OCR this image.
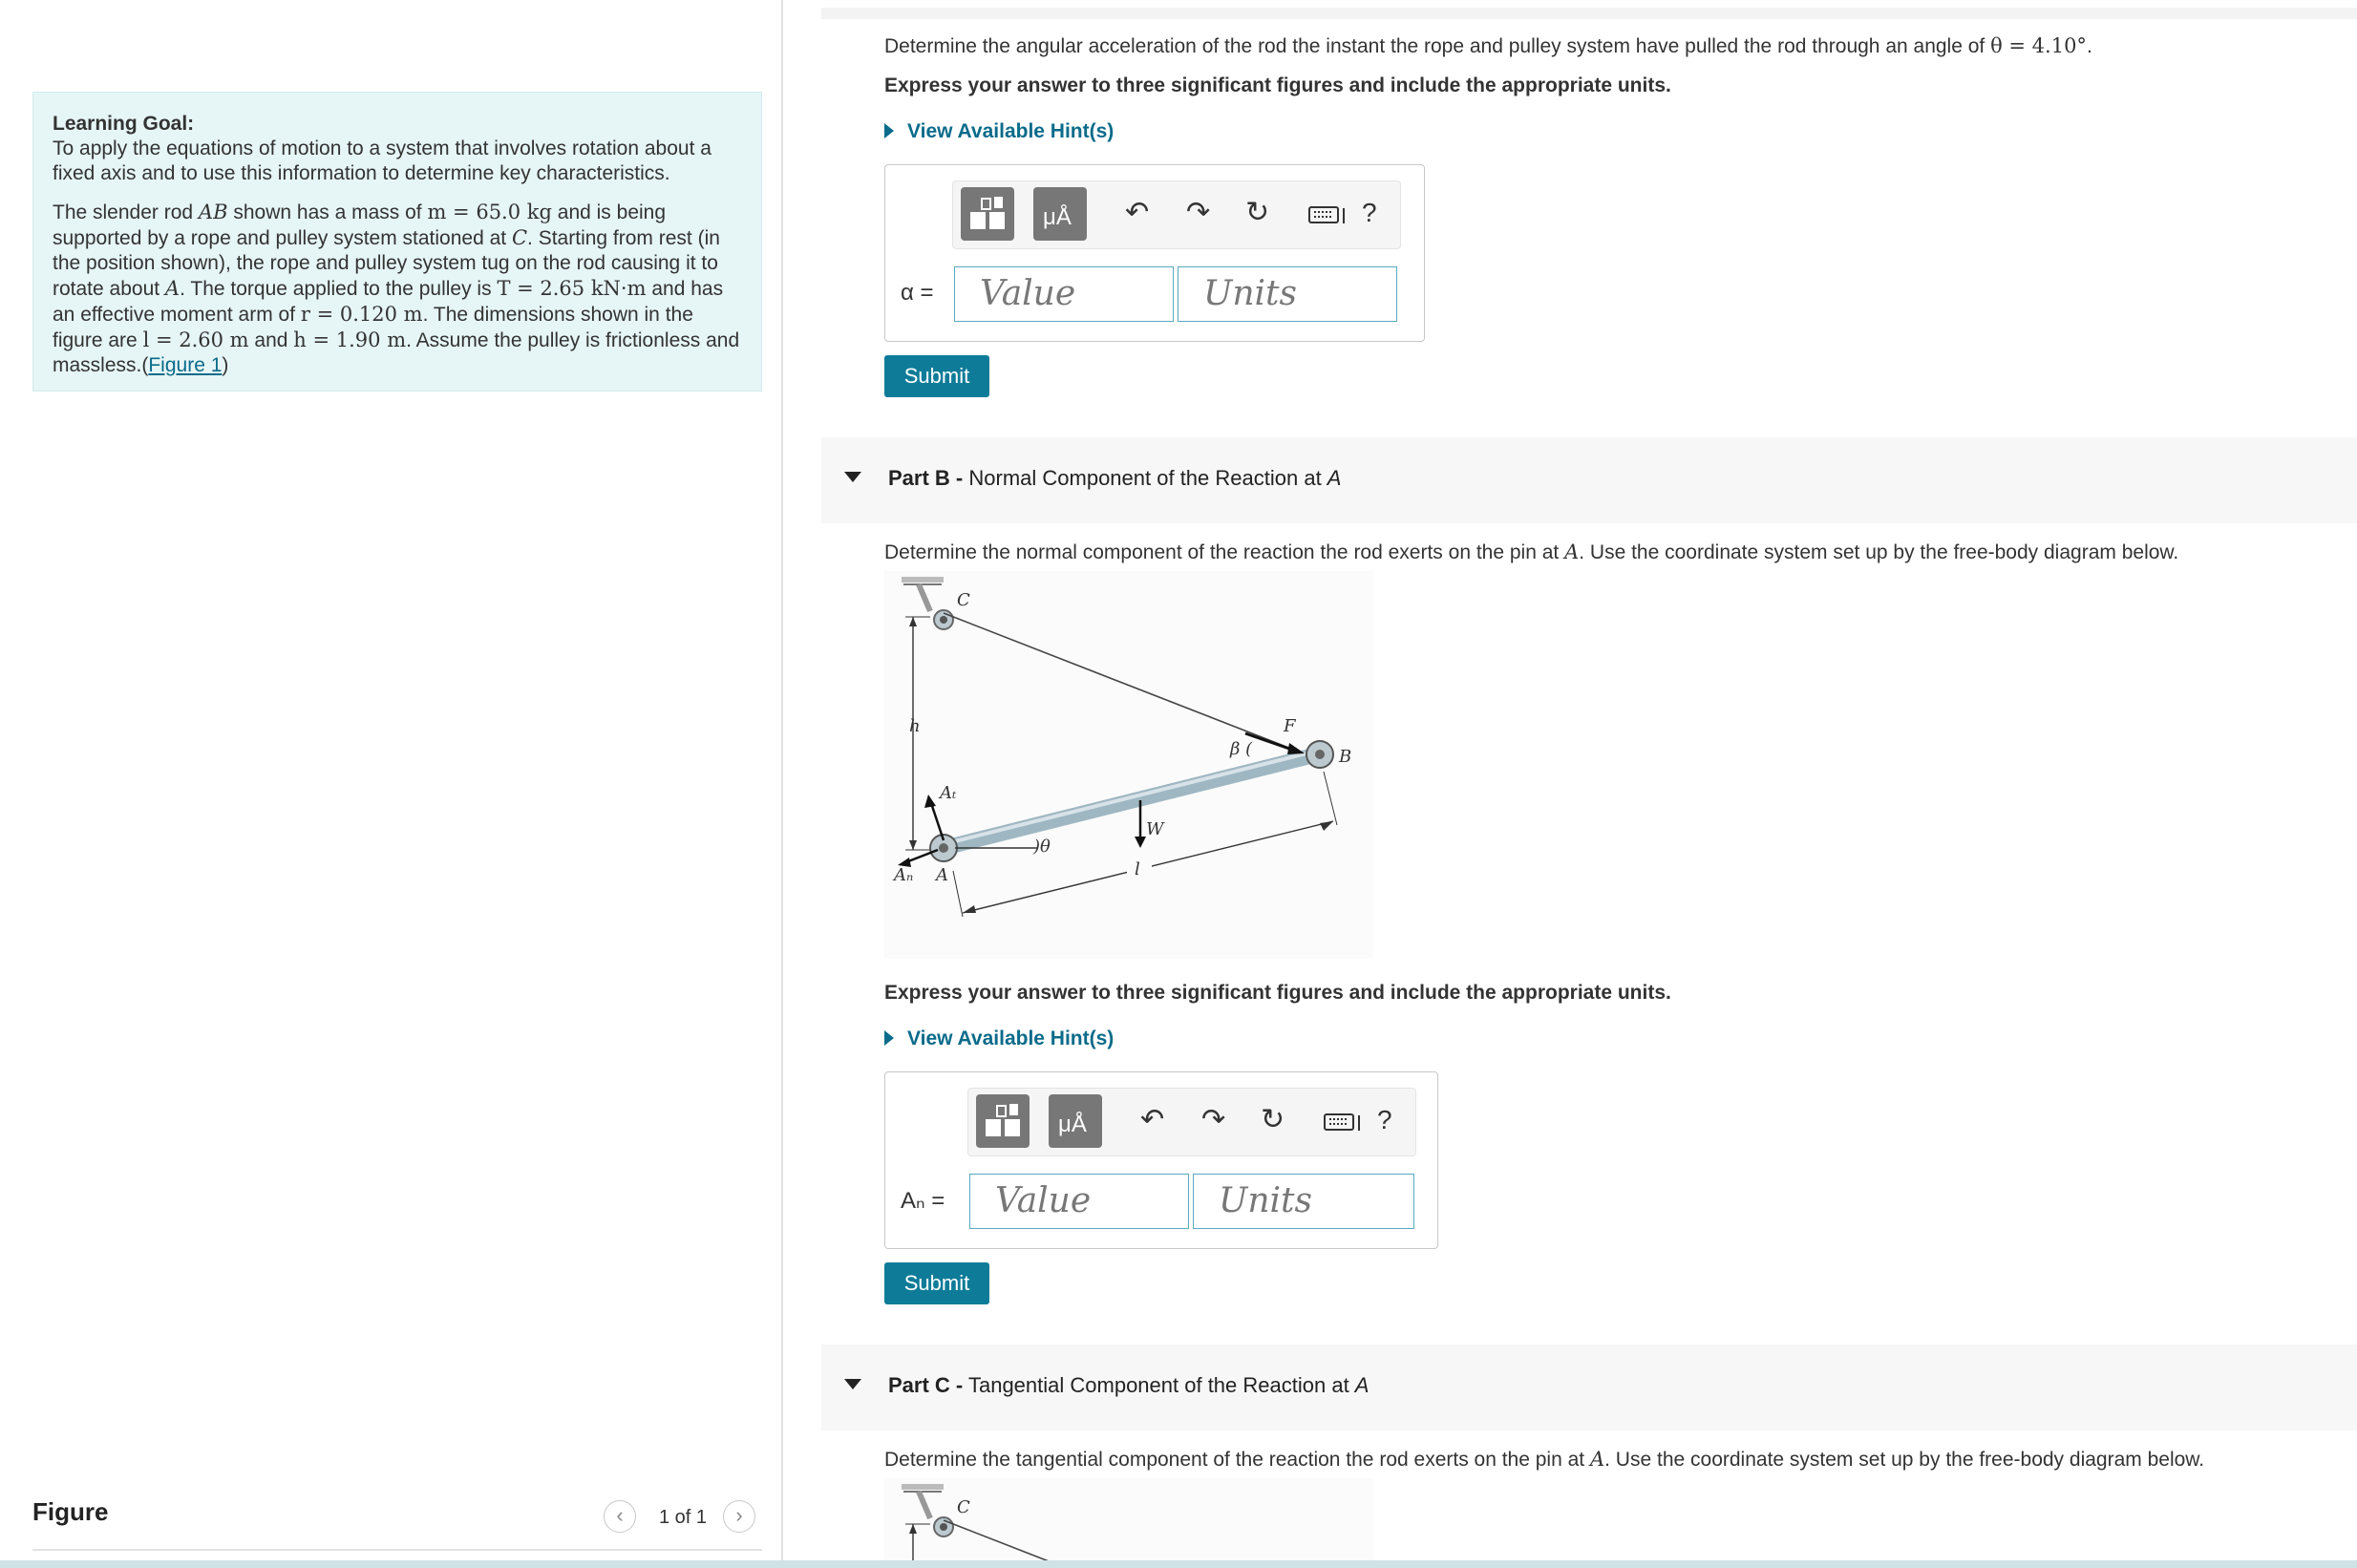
Learning Goal:

To apply the equations of motion to a system that involves rotation about a fixed axis and to use this information to determine key characteristics.

The slender rod AB shown has a mass of m = 65.0 kg and is being supported by a rope and pulley system stationed at C. Starting from rest (in the position shown), the rope and pulley system tug on the rod causing it to rotate about A. The torque applied to the pulley is T = 2.65 kN·m and has an effective moment arm of r = 0.120 m. The dimensions shown in the figure are l = 2.60 m and h = 1.90 m. Assume the pulley is frictionless and massless.(Figure 1)

Figure	‹	1 of 1	›
Determine the angular acceleration of the rod the instant the rope and pulley system have pulled the rod through an angle of θ = 4.10°.
Express your answer to three significant figures and include the appropriate units.
View Available Hint(s)
μÅ ↶ ↷ ↻	?
α =	Value	Units
Submit
Part B - Normal Component of the Reaction at A
Determine the normal component of the reaction the rod exerts on the pin at A. Use the coordinate system set up by the free-body diagram below.
C
h	F
β (	B
Aₜ
Aₙ A
)θ
W
l
Express your answer to three significant figures and include the appropriate units.
View Available Hint(s)
μÅ ↶ ↷ ↻	?
Aₙ =	Value	Units
Submit
Part C - Tangential Component of the Reaction at A
Determine the tangential component of the reaction the rod exerts on the pin at A. Use the coordinate system set up by the free-body diagram below.
C
